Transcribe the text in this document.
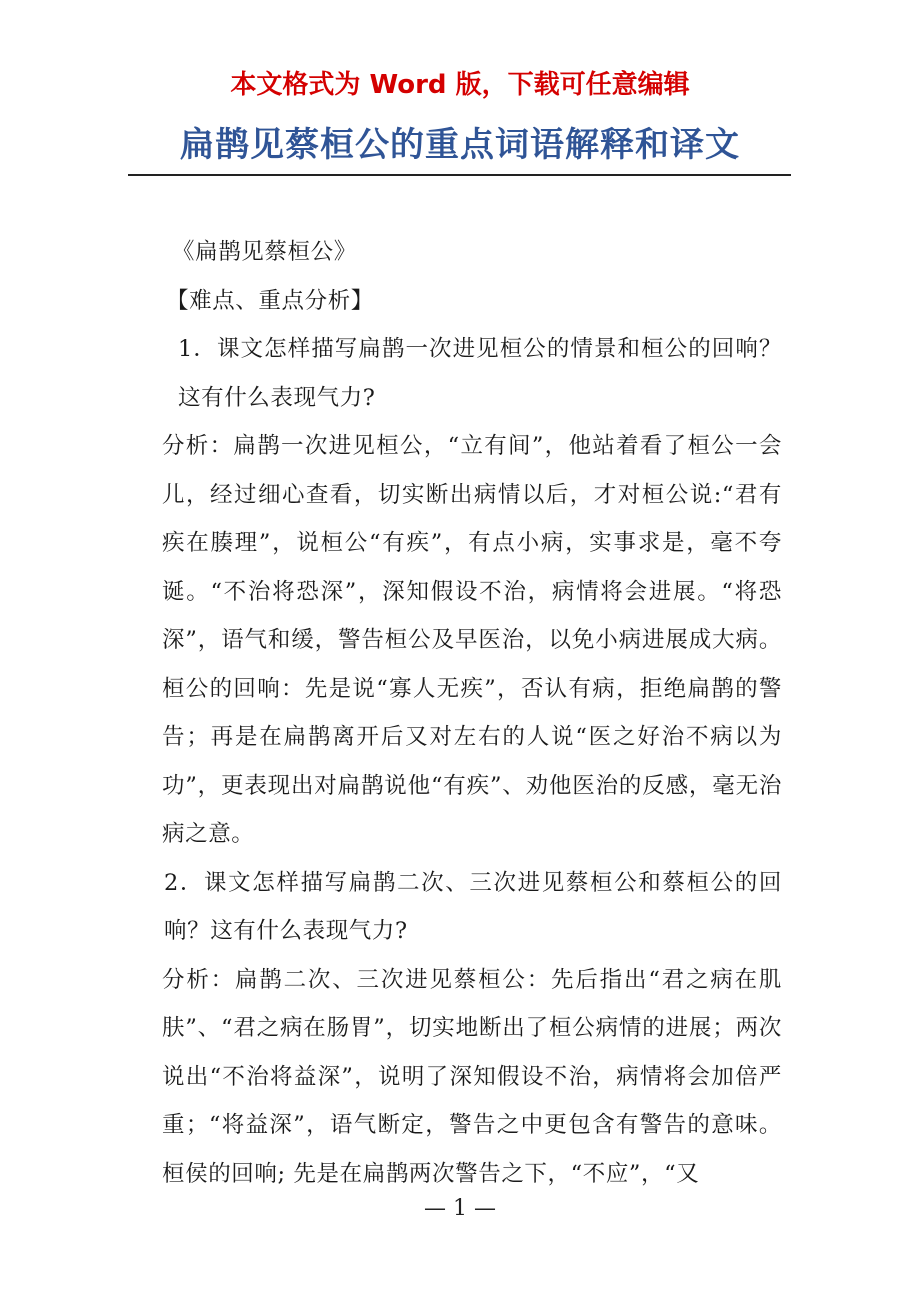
本文格式为 Word 版，下载可任意编辑
扁鹊见蔡桓公的重点词语解释和译文

《扁鹊见蔡桓公》

【难点、重点分析】

1．课文怎样描写扁鹊一次进见桓公的情景和桓公的回响？这有什么表现气力?

分析：扁鹊一次进见桓公，“立有间”，他站着看了桓公一会儿，经过细心查看，切实断出病情以后，才对桓公说:“君有疾在腠理”，说桓公“有疾”，有点小病，实事求是，毫不夸诞。“不治将恐深”，深知假设不治，病情将会进展。“将恐深”，语气和缓，警告桓公及早医治，以免小病进展成大病。 桓公的回响：先是说“寡人无疾”，否认有病，拒绝扁鹊的警告；再是在扁鹊离开后又对左右的人说“医之好治不病以为功”，更表现出对扁鹊说他“有疾”、劝他医治的反感，毫无治病之意。

2．课文怎样描写扁鹊二次、三次进见蔡桓公和蔡桓公的回响？这有什么表现气力?

分析：扁鹊二次、三次进见蔡桓公：先后指出“君之病在肌肤”、“君之病在肠胃”，切实地断出了桓公病情的进展；两次说出“不治将益深”，说明了深知假设不治，病情将会加倍严重；“将益深”，语气断定，警告之中更包含有警告的意味。桓侯的回响; 先是在扁鹊两次警告之下，“不应”，“又

— 1 —
